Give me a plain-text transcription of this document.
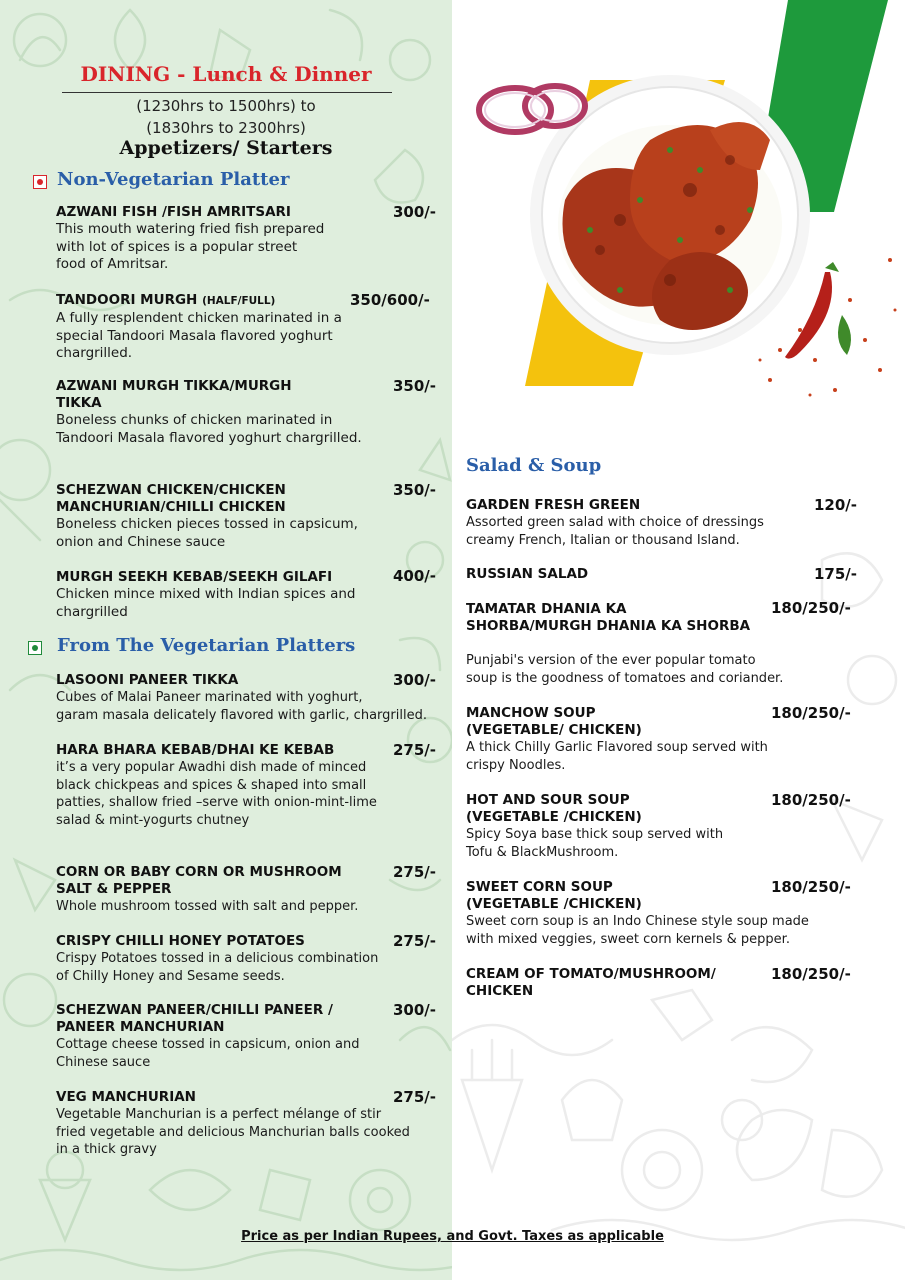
DINING - Lunch & Dinner
(1230hrs to 1500hrs) to
(1830hrs to 2300hrs)
Appetizers/ Starters
Non-Vegetarian Platter
AZWANI FISH /FISH AMRITSARI
This mouth watering fried fish prepared
with lot of spices is a popular street
food of Amritsar.
300/-
TANDOORI MURGH (HALF/FULL)
A fully resplendent chicken marinated in a
special Tandoori Masala flavored yoghurt
chargrilled.
350/600/-
AZWANI MURGH TIKKA/MURGH
TIKKA
Boneless chunks of chicken marinated in
Tandoori Masala flavored yoghurt chargrilled.
350/-
SCHEZWAN CHICKEN/CHICKEN
MANCHURIAN/CHILLI CHICKEN
Boneless chicken pieces tossed in capsicum,
onion and Chinese sauce
350/-
MURGH SEEKH KEBAB/SEEKH GILAFI
Chicken mince mixed with Indian spices and
chargrilled
400/-
From The Vegetarian Platters
LASOONI PANEER TIKKA
Cubes of Malai Paneer marinated with yoghurt,
garam masala delicately flavored with garlic, chargrilled.
300/-
HARA BHARA KEBAB/DHAI KE KEBAB
it’s a very popular Awadhi dish made of minced
black chickpeas and spices & shaped into small
patties, shallow fried –serve with onion-mint-lime
salad & mint-yogurts chutney
275/-
CORN OR BABY CORN OR MUSHROOM
SALT & PEPPER
Whole mushroom tossed with salt and pepper.
275/-
CRISPY CHILLI HONEY POTATOES
Crispy Potatoes tossed in a delicious combination
of Chilly Honey and Sesame seeds.
275/-
SCHEZWAN PANEER/CHILLI PANEER /
PANEER MANCHURIAN
Cottage cheese tossed in capsicum, onion and
Chinese sauce
300/-
VEG MANCHURIAN
Vegetable Manchurian is a perfect mélange of stir
fried vegetable and delicious Manchurian balls cooked
in a thick gravy
275/-
Salad & Soup
GARDEN FRESH GREEN
Assorted green salad with choice of dressings
creamy French, Italian or thousand Island.
120/-
RUSSIAN SALAD	175/-
TAMATAR DHANIA KA
SHORBA/MURGH DHANIA KA SHORBA
Punjabi's version of the ever popular tomato
soup is the goodness of tomatoes and coriander.
180/250/-
MANCHOW SOUP
(VEGETABLE/ CHICKEN)
A thick Chilly Garlic Flavored soup served with
crispy Noodles.
180/250/-
HOT AND SOUR SOUP
(VEGETABLE /CHICKEN)
Spicy Soya base thick soup served with
Tofu & BlackMushroom.
180/250/-
SWEET CORN SOUP
(VEGETABLE /CHICKEN)
Sweet corn soup is an Indo Chinese style soup made
with mixed veggies, sweet corn kernels & pepper.
180/250/-
CREAM OF TOMATO/MUSHROOM/
CHICKEN
180/250/-
Price as per Indian Rupees, and Govt. Taxes as applicable
